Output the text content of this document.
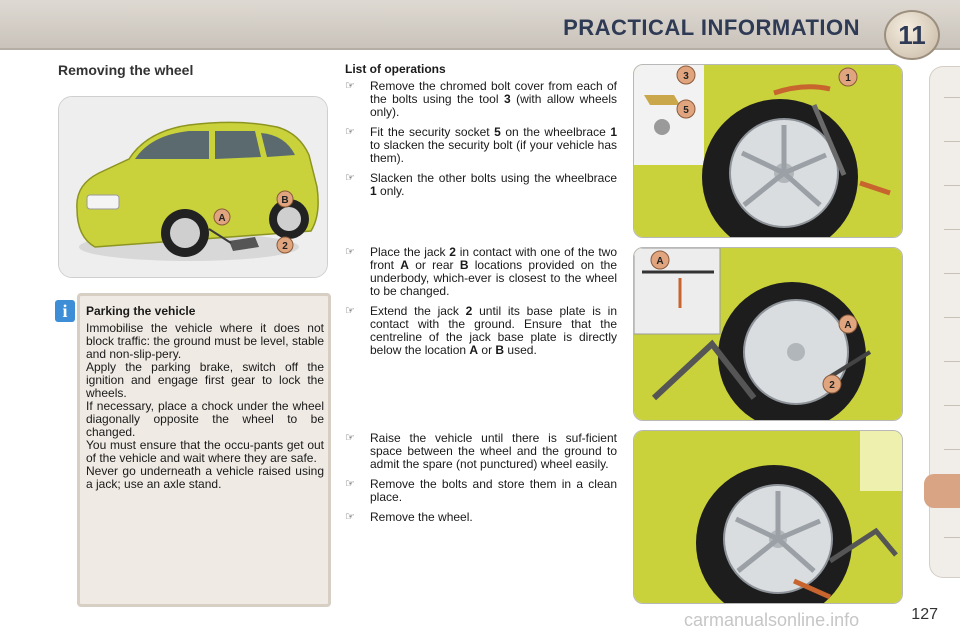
PRACTICAL INFORMATION	11
Removing the wheel
A
B
2
i	Parking the vehicle

Immobilise the vehicle where it does not block traffic: the ground must be level, stable and non-slip-pery.

Apply the parking brake, switch off the ignition and engage first gear to lock the wheels.

If necessary, place a chock under the wheel diagonally opposite the wheel to be changed.

You must ensure that the occu-pants get out of the vehicle and wait where they are safe.

Never go underneath a vehicle raised using a jack; use an axle stand.

List of operations
☞ Remove the chromed bolt cover from each of the bolts using the tool 3 (with allow wheels only).
☞ Fit the security socket 5 on the wheelbrace 1 to slacken the security bolt (if your vehicle has them).
☞ Slacken the other bolts using the wheelbrace 1 only.
☞ Place the jack 2 in contact with one of the two front A or rear B locations provided on the underbody, which-ever is closest to the wheel to be changed.
☞ Extend the jack 2 until its base plate is in contact with the ground. Ensure that the centreline of the jack base plate is directly below the location A or B used.
☞ Raise the vehicle until there is suf-ficient space between the wheel and the ground to admit the spare (not punctured) wheel easily.
☞ Remove the bolts and store them in a clean place.
☞ Remove the wheel.
3	1
5
A
A
2
carmanualsonline.info	127
